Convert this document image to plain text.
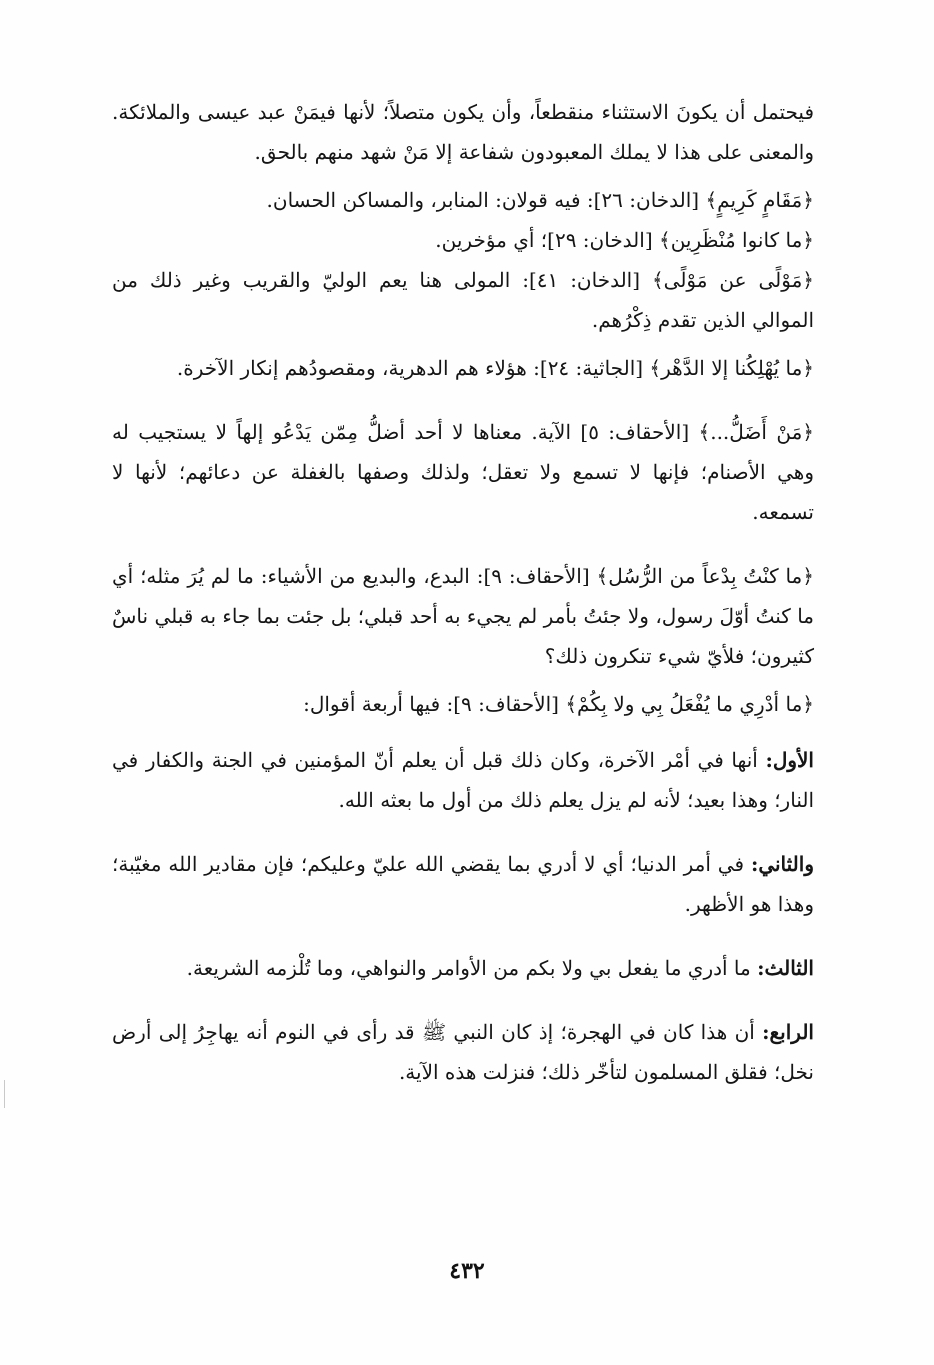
فيحتمل أن يكونَ الاستثناء منقطعاً، وأن يكون متصلاً؛ لأنها فيمَنْ عبد عيسى والملائكة. والمعنى على هذا لا يملك المعبودون شفاعة إلا مَنْ شهد منهم بالحق.

﴿مَقَامٍ كَرِيمٍ﴾ [الدخان: ٢٦]: فيه قولان: المنابر، والمساكن الحسان.

﴿ما كانوا مُنْظَرِين﴾ [الدخان: ٢٩]؛ أي مؤخرين.

﴿مَوْلًى عن مَوْلًى﴾ [الدخان: ٤١]: المولى هنا يعم الوليّ والقريب وغير ذلك من الموالي الذين تقدم ذِكْرُهم.

﴿ما يُهْلِكُنا إلا الدَّهْر﴾ [الجاثية: ٢٤]: هؤلاء هم الدهرية، ومقصودُهم إنكار الآخرة.

﴿مَنْ أَضَلُّ...﴾ [الأحقاف: ٥] الآية. معناها لا أحد أضلُّ مِمّن يَدْعُو إلهاً لا يستجيب له وهي الأصنام؛ فإنها لا تسمع ولا تعقل؛ ولذلك وصفها بالغفلة عن دعائهم؛ لأنها لا تسمعه.

﴿ما كنْتُ بِدْعاً من الرُّسُل﴾ [الأحقاف: ٩]: البدع، والبديع من الأشياء: ما لم يُرَ مثله؛ أي ما كنتُ أوّلَ رسول، ولا جئتُ بأمر لم يجيء به أحد قبلي؛ بل جئت بما جاء به قبلي ناسٌ كثيرون؛ فلأيّ شيء تنكرون ذلك؟

﴿ما أدْرِي ما يُفْعَلُ بِي ولا بِكُمْ﴾ [الأحقاف: ٩]: فيها أربعة أقوال:

الأول: أنها في أمْر الآخرة، وكان ذلك قبل أن يعلم أنّ المؤمنين في الجنة والكفار في النار؛ وهذا بعيد؛ لأنه لم يزل يعلم ذلك من أول ما بعثه الله.

والثاني: في أمر الدنيا؛ أي لا أدري بما يقضي الله عليّ وعليكم؛ فإن مقادير الله مغيّبة؛ وهذا هو الأظهر.

الثالث: ما أدري ما يفعل بي ولا بكم من الأوامر والنواهي، وما تُلْزمه الشريعة.

الرابع: أن هذا كان في الهجرة؛ إذ كان النبي ﷺ قد رأى في النوم أنه يهاجِرُ إلى أرض نخل؛ فقلق المسلمون لتأخّر ذلك؛ فنزلت هذه الآية.

٤٣٢
